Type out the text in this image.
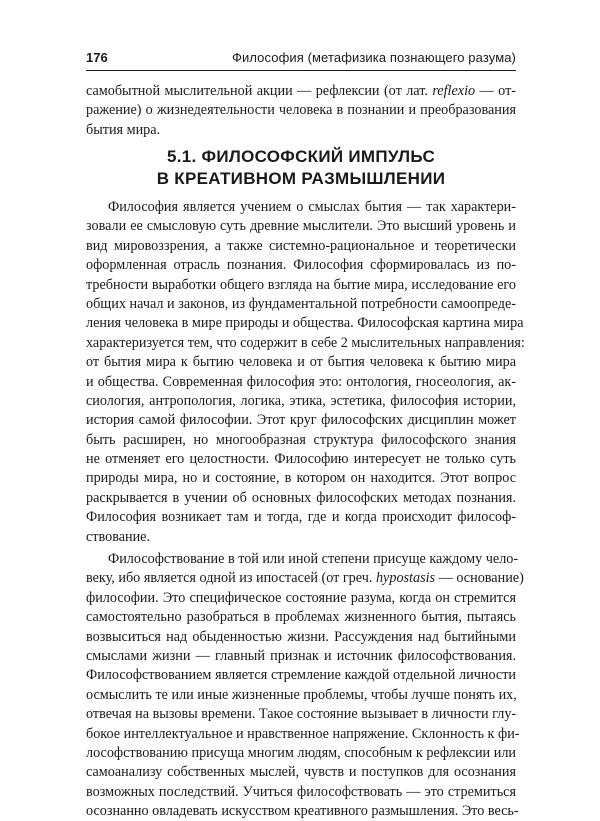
176	Философия (метафизика познающего разума)
самобытной мыслительной акции — рефлексии (от лат. reflexio — от-
ражение) о жизнедеятельности человека в познании и преобразования
бытия мира.
5.1. ФИЛОСОФСКИЙ ИМПУЛЬС
В КРЕАТИВНОМ РАЗМЫШЛЕНИИ
Философия является учением о смыслах бытия — так характери-
зовали ее смысловую суть древние мыслители. Это высший уровень и
вид мировоззрения, а также системно-рациональное и теоретически
оформленная отрасль познания. Философия сформировалась из по-
требности выработки общего взгляда на бытие мира, исследование его
общих начал и законов, из фундаментальной потребности самоопреде-
ления человека в мире природы и общества. Философская картина мира
характеризуется тем, что содержит в себе 2 мыслительных направления:
от бытия мира к бытию человека и от бытия человека к бытию мира
и общества. Современная философия это: онтология, гносеология, ак-
сиология, антропология, логика, этика, эстетика, философия истории,
история самой философии. Этот круг философских дисциплин может
быть расширен, но многообразная структура философского знания
не отменяет его целостности. Философию интересует не только суть
природы мира, но и состояние, в котором он находится. Этот вопрос
раскрывается в учении об основных философских методах познания.
Философия возникает там и тогда, где и когда происходит философ-
ствование.
Философствование в той или иной степени присуще каждому чело-
веку, ибо является одной из ипостасей (от греч. hypostasis — основание)
философии. Это специфическое состояние разума, когда он стремится
самостоятельно разобраться в проблемах жизненного бытия, пытаясь
возвыситься над обыденностью жизни. Рассуждения над бытийными
смыслами жизни — главный признак и источник философствования.
Философствованием является стремление каждой отдельной личности
осмыслить те или иные жизненные проблемы, чтобы лучше понять их,
отвечая на вызовы времени. Такое состояние вызывает в личности глу-
бокое интеллектуальное и нравственное напряжение. Склонность к фи-
лософствованию присуща многим людям, способным к рефлексии или
самоанализу собственных мыслей, чувств и поступков для осознания
возможных последствий. Учиться философствовать — это стремиться
осознанно овладевать искусством креативного размышления. Это весь-
